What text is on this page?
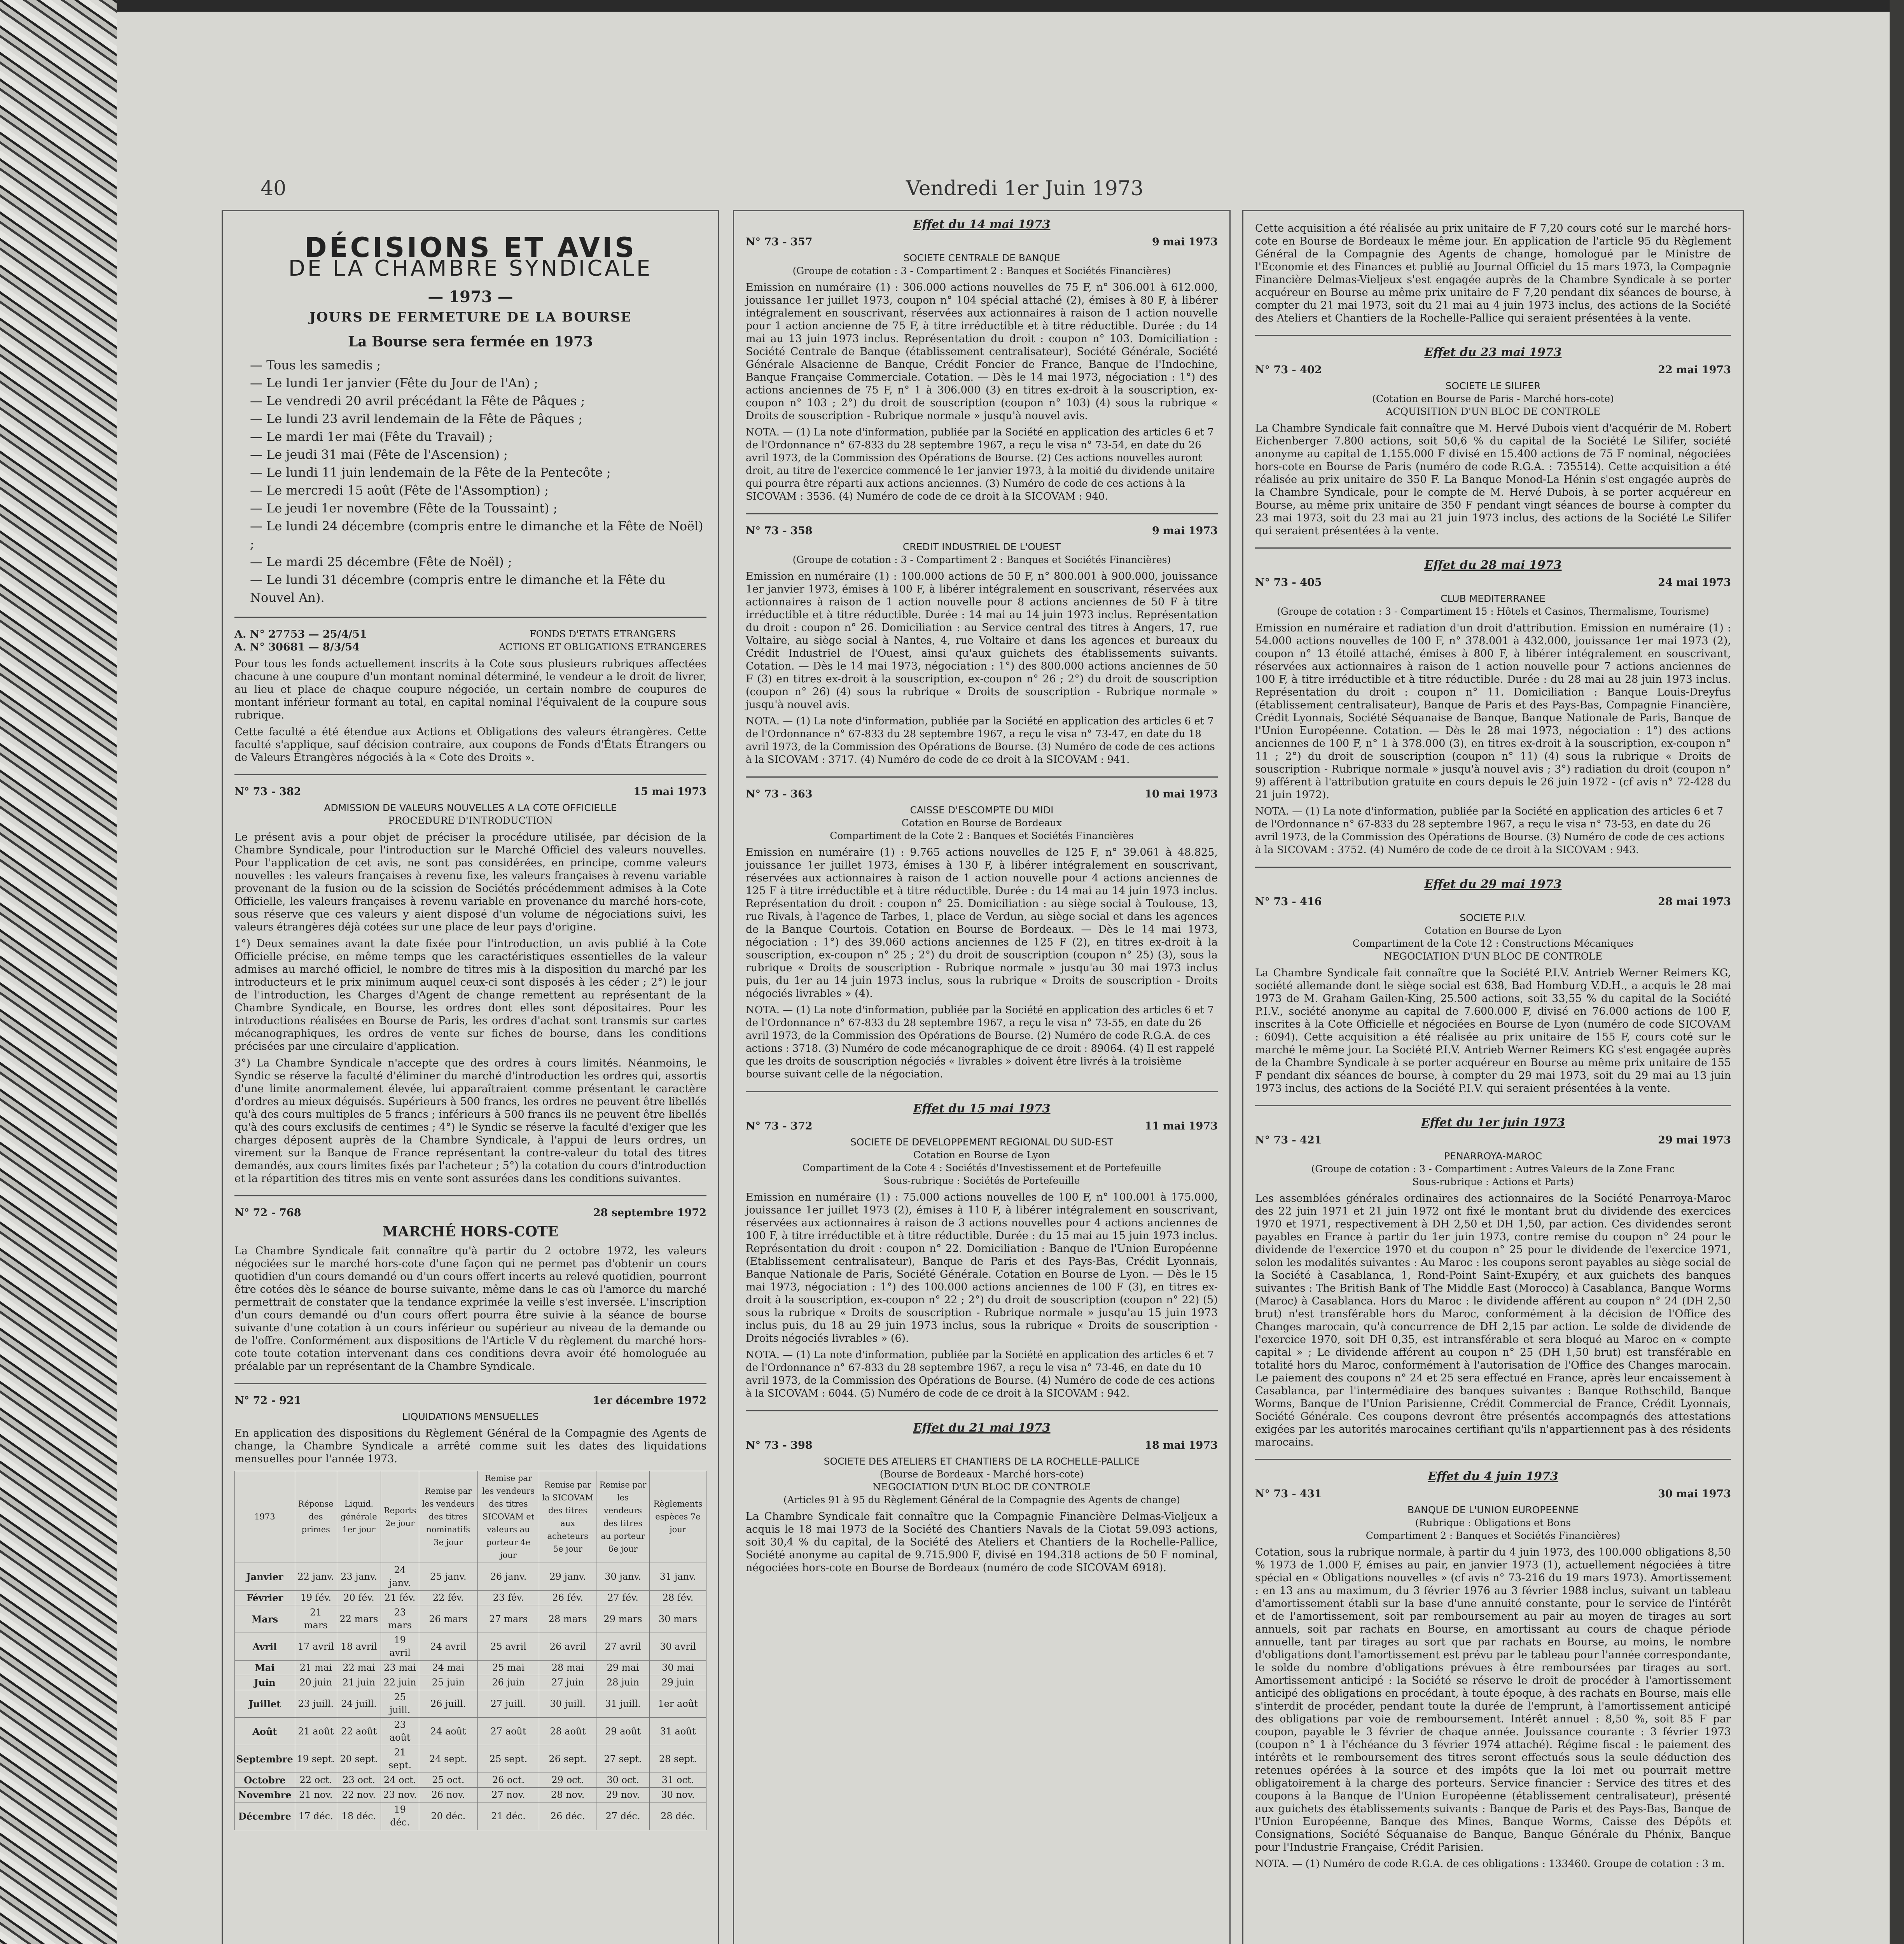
40	Vendredi 1er Juin 1973
DÉCISIONS ET AVIS
DE LA CHAMBRE SYNDICALE
— 1973 —
JOURS DE FERMETURE DE LA BOURSE
La Bourse sera fermée en 1973
— Tous les samedis ;
— Le lundi 1er janvier (Fête du Jour de l'An) ;
— Le vendredi 20 avril précédant la Fête de Pâques ;
— Le lundi 23 avril lendemain de la Fête de Pâques ;
— Le mardi 1er mai (Fête du Travail) ;
— Le jeudi 31 mai (Fête de l'Ascension) ;
— Le lundi 11 juin lendemain de la Fête de la Pentecôte ;
— Le mercredi 15 août (Fête de l'Assomption) ;
— Le jeudi 1er novembre (Fête de la Toussaint) ;
— Le lundi 24 décembre (compris entre le dimanche et la Fête de Noël) ;
— Le mardi 25 décembre (Fête de Noël) ;
— Le lundi 31 décembre (compris entre le dimanche et la Fête du Nouvel An).
A. N° 27753 — 25/4/51
A. N° 30681 — 8/3/54
FONDS D'ETATS ETRANGERS
ACTIONS ET OBLIGATIONS ETRANGERES
Pour tous les fonds actuellement inscrits à la Cote sous plusieurs rubriques affectées chacune à une coupure d'un montant nominal déterminé, le vendeur a le droit de livrer, au lieu et place de chaque coupure négociée, un certain nombre de coupures de montant inférieur formant au total, en capital nominal l'équivalent de la coupure sous rubrique.
Cette faculté a été étendue aux Actions et Obligations des valeurs étrangères. Cette faculté s'applique, sauf décision contraire, aux coupons de Fonds d'États Étrangers ou de Valeurs Étrangères négociés à la « Cote des Droits ».
N° 73 - 382	15 mai 1973
ADMISSION DE VALEURS NOUVELLES A LA COTE OFFICIELLE
PROCEDURE D'INTRODUCTION
Le présent avis a pour objet de préciser la procédure utilisée, par décision de la Chambre Syndicale, pour l'introduction sur le Marché Officiel des valeurs nouvelles. Pour l'application de cet avis, ne sont pas considérées, en principe, comme valeurs nouvelles : les valeurs françaises à revenu fixe, les valeurs françaises à revenu variable provenant de la fusion ou de la scission de Sociétés précédemment admises à la Cote Officielle, les valeurs françaises à revenu variable en provenance du marché hors-cote, sous réserve que ces valeurs y aient disposé d'un volume de négociations suivi, les valeurs étrangères déjà cotées sur une place de leur pays d'origine.
1°) Deux semaines avant la date fixée pour l'introduction, un avis publié à la Cote Officielle précise, en même temps que les caractéristiques essentielles de la valeur admises au marché officiel, le nombre de titres mis à la disposition du marché par les introducteurs et le prix minimum auquel ceux-ci sont disposés à les céder ; 2°) le jour de l'introduction, les Charges d'Agent de change remettent au représentant de la Chambre Syndicale, en Bourse, les ordres dont elles sont dépositaires. Pour les introductions réalisées en Bourse de Paris, les ordres d'achat sont transmis sur cartes mécanographiques, les ordres de vente sur fiches de bourse, dans les conditions précisées par une circulaire d'application.
3°) La Chambre Syndicale n'accepte que des ordres à cours limités. Néanmoins, le Syndic se réserve la faculté d'éliminer du marché d'introduction les ordres qui, assortis d'une limite anormalement élevée, lui apparaîtraient comme présentant le caractère d'ordres au mieux déguisés. Supérieurs à 500 francs, les ordres ne peuvent être libellés qu'à des cours multiples de 5 francs ; inférieurs à 500 francs ils ne peuvent être libellés qu'à des cours exclusifs de centimes ; 4°) le Syndic se réserve la faculté d'exiger que les charges déposent auprès de la Chambre Syndicale, à l'appui de leurs ordres, un virement sur la Banque de France représentant la contre-valeur du total des titres demandés, aux cours limites fixés par l'acheteur ; 5°) la cotation du cours d'introduction et la répartition des titres mis en vente sont assurées dans les conditions suivantes.
N° 72 - 768	28 septembre 1972
MARCHÉ HORS-COTE
La Chambre Syndicale fait connaître qu'à partir du 2 octobre 1972, les valeurs négociées sur le marché hors-cote d'une façon qui ne permet pas d'obtenir un cours quotidien d'un cours demandé ou d'un cours offert incerts au relevé quotidien, pourront être cotées dès le séance de bourse suivante, même dans le cas où l'amorce du marché permettrait de constater que la tendance exprimée la veille s'est inversée. L'inscription d'un cours demandé ou d'un cours offert pourra être suivie à la séance de bourse suivante d'une cotation à un cours inférieur ou supérieur au niveau de la demande ou de l'offre. Conformément aux dispositions de l'Article V du règlement du marché hors-cote toute cotation intervenant dans ces conditions devra avoir été homologuée au préalable par un représentant de la Chambre Syndicale.
N° 72 - 921	1er décembre 1972
LIQUIDATIONS MENSUELLES
En application des dispositions du Règlement Général de la Compagnie des Agents de change, la Chambre Syndicale a arrêté comme suit les dates des liquidations mensuelles pour l'année 1973.
1973	Réponse des primes	Liquid. générale 1er jour	Reports 2e jour	Remise par les vendeurs des titres nominatifs 3e jour	Remise par les vendeurs des titres SICOVAM et valeurs au porteur 4e jour	Remise par la SICOVAM des titres aux acheteurs 5e jour	Remise par les vendeurs des titres au porteur 6e jour	Règlements espèces 7e jour
Janvier	22 janv.	23 janv.	24 janv.	25 janv.	26 janv.	29 janv.	30 janv.	31 janv.
Février	19 fév.	20 fév.	21 fév.	22 fév.	23 fév.	26 fév.	27 fév.	28 fév.
Mars	21 mars	22 mars	23 mars	26 mars	27 mars	28 mars	29 mars	30 mars
Avril	17 avril	18 avril	19 avril	24 avril	25 avril	26 avril	27 avril	30 avril
Mai	21 mai	22 mai	23 mai	24 mai	25 mai	28 mai	29 mai	30 mai
Juin	20 juin	21 juin	22 juin	25 juin	26 juin	27 juin	28 juin	29 juin
Juillet	23 juill.	24 juill.	25 juill.	26 juill.	27 juill.	30 juill.	31 juill.	1er août
Août	21 août	22 août	23 août	24 août	27 août	28 août	29 août	31 août
Septembre	19 sept.	20 sept.	21 sept.	24 sept.	25 sept.	26 sept.	27 sept.	28 sept.
Octobre	22 oct.	23 oct.	24 oct.	25 oct.	26 oct.	29 oct.	30 oct.	31 oct.
Novembre	21 nov.	22 nov.	23 nov.	26 nov.	27 nov.	28 nov.	29 nov.	30 nov.
Décembre	17 déc.	18 déc.	19 déc.	20 déc.	21 déc.	26 déc.	27 déc.	28 déc.
Effet du 14 mai 1973
N° 73 - 357	9 mai 1973
SOCIETE CENTRALE DE BANQUE
(Groupe de cotation : 3 - Compartiment 2 : Banques et Sociétés Financières)
Emission en numéraire (1) : 306.000 actions nouvelles de 75 F, n° 306.001 à 612.000, jouissance 1er juillet 1973, coupon n° 104 spécial attaché (2), émises à 80 F, à libérer intégralement en souscrivant, réservées aux actionnaires à raison de 1 action nouvelle pour 1 action ancienne de 75 F, à titre irréductible et à titre réductible. Durée : du 14 mai au 13 juin 1973 inclus. Représentation du droit : coupon n° 103. Domiciliation : Société Centrale de Banque (établissement centralisateur), Société Générale, Société Générale Alsacienne de Banque, Crédit Foncier de France, Banque de l'Indochine, Banque Française Commerciale. Cotation. — Dès le 14 mai 1973, négociation : 1°) des actions anciennes de 75 F, n° 1 à 306.000 (3) en titres ex-droit à la souscription, ex-coupon n° 103 ; 2°) du droit de souscription (coupon n° 103) (4) sous la rubrique « Droits de souscription - Rubrique normale » jusqu'à nouvel avis.
NOTA. — (1) La note d'information, publiée par la Société en application des articles 6 et 7 de l'Ordonnance n° 67-833 du 28 septembre 1967, a reçu le visa n° 73-54, en date du 26 avril 1973, de la Commission des Opérations de Bourse. (2) Ces actions nouvelles auront droit, au titre de l'exercice commencé le 1er janvier 1973, à la moitié du dividende unitaire qui pourra être réparti aux actions anciennes. (3) Numéro de code de ces actions à la SICOVAM : 3536. (4) Numéro de code de ce droit à la SICOVAM : 940.
N° 73 - 358	9 mai 1973
CREDIT INDUSTRIEL DE L'OUEST
(Groupe de cotation : 3 - Compartiment 2 : Banques et Sociétés Financières)
Emission en numéraire (1) : 100.000 actions de 50 F, n° 800.001 à 900.000, jouissance 1er janvier 1973, émises à 100 F, à libérer intégralement en souscrivant, réservées aux actionnaires à raison de 1 action nouvelle pour 8 actions anciennes de 50 F à titre irréductible et à titre réductible. Durée : 14 mai au 14 juin 1973 inclus. Représentation du droit : coupon n° 26. Domiciliation : au Service central des titres à Angers, 17, rue Voltaire, au siège social à Nantes, 4, rue Voltaire et dans les agences et bureaux du Crédit Industriel de l'Ouest, ainsi qu'aux guichets des établissements suivants. Cotation. — Dès le 14 mai 1973, négociation : 1°) des 800.000 actions anciennes de 50 F (3) en titres ex-droit à la souscription, ex-coupon n° 26 ; 2°) du droit de souscription (coupon n° 26) (4) sous la rubrique « Droits de souscription - Rubrique normale » jusqu'à nouvel avis.
NOTA. — (1) La note d'information, publiée par la Société en application des articles 6 et 7 de l'Ordonnance n° 67-833 du 28 septembre 1967, a reçu le visa n° 73-47, en date du 18 avril 1973, de la Commission des Opérations de Bourse. (3) Numéro de code de ces actions à la SICOVAM : 3717. (4) Numéro de code de ce droit à la SICOVAM : 941.
N° 73 - 363	10 mai 1973
CAISSE D'ESCOMPTE DU MIDI
Cotation en Bourse de Bordeaux
Compartiment de la Cote 2 : Banques et Sociétés Financières
Emission en numéraire (1) : 9.765 actions nouvelles de 125 F, n° 39.061 à 48.825, jouissance 1er juillet 1973, émises à 130 F, à libérer intégralement en souscrivant, réservées aux actionnaires à raison de 1 action nouvelle pour 4 actions anciennes de 125 F à titre irréductible et à titre réductible. Durée : du 14 mai au 14 juin 1973 inclus. Représentation du droit : coupon n° 25. Domiciliation : au siège social à Toulouse, 13, rue Rivals, à l'agence de Tarbes, 1, place de Verdun, au siège social et dans les agences de la Banque Courtois. Cotation en Bourse de Bordeaux. — Dès le 14 mai 1973, négociation : 1°) des 39.060 actions anciennes de 125 F (2), en titres ex-droit à la souscription, ex-coupon n° 25 ; 2°) du droit de souscription (coupon n° 25) (3), sous la rubrique « Droits de souscription - Rubrique normale » jusqu'au 30 mai 1973 inclus puis, du 1er au 14 juin 1973 inclus, sous la rubrique « Droits de souscription - Droits négociés livrables » (4).
NOTA. — (1) La note d'information, publiée par la Société en application des articles 6 et 7 de l'Ordonnance n° 67-833 du 28 septembre 1967, a reçu le visa n° 73-55, en date du 26 avril 1973, de la Commission des Opérations de Bourse. (2) Numéro de code R.G.A. de ces actions : 3718. (3) Numéro de code mécanographique de ce droit : 89064. (4) Il est rappelé que les droits de souscription négociés « livrables » doivent être livrés à la troisième bourse suivant celle de la négociation.
Effet du 15 mai 1973
N° 73 - 372	11 mai 1973
SOCIETE DE DEVELOPPEMENT REGIONAL DU SUD-EST
Cotation en Bourse de Lyon
Compartiment de la Cote 4 : Sociétés d'Investissement et de Portefeuille
Sous-rubrique : Sociétés de Portefeuille
Emission en numéraire (1) : 75.000 actions nouvelles de 100 F, n° 100.001 à 175.000, jouissance 1er juillet 1973 (2), émises à 110 F, à libérer intégralement en souscrivant, réservées aux actionnaires à raison de 3 actions nouvelles pour 4 actions anciennes de 100 F, à titre irréductible et à titre réductible. Durée : du 15 mai au 15 juin 1973 inclus. Représentation du droit : coupon n° 22. Domiciliation : Banque de l'Union Européenne (Etablissement centralisateur), Banque de Paris et des Pays-Bas, Crédit Lyonnais, Banque Nationale de Paris, Société Générale. Cotation en Bourse de Lyon. — Dès le 15 mai 1973, négociation : 1°) des 100.000 actions anciennes de 100 F (3), en titres ex-droit à la souscription, ex-coupon n° 22 ; 2°) du droit de souscription (coupon n° 22) (5) sous la rubrique « Droits de souscription - Rubrique normale » jusqu'au 15 juin 1973 inclus puis, du 18 au 29 juin 1973 inclus, sous la rubrique « Droits de souscription - Droits négociés livrables » (6).
NOTA. — (1) La note d'information, publiée par la Société en application des articles 6 et 7 de l'Ordonnance n° 67-833 du 28 septembre 1967, a reçu le visa n° 73-46, en date du 10 avril 1973, de la Commission des Opérations de Bourse. (4) Numéro de code de ces actions à la SICOVAM : 6044. (5) Numéro de code de ce droit à la SICOVAM : 942.
Effet du 21 mai 1973
N° 73 - 398	18 mai 1973
SOCIETE DES ATELIERS ET CHANTIERS DE LA ROCHELLE-PALLICE
(Bourse de Bordeaux - Marché hors-cote)
NEGOCIATION D'UN BLOC DE CONTROLE
(Articles 91 à 95 du Règlement Général de la Compagnie des Agents de change)
La Chambre Syndicale fait connaître que la Compagnie Financière Delmas-Vieljeux a acquis le 18 mai 1973 de la Société des Chantiers Navals de la Ciotat 59.093 actions, soit 30,4 % du capital, de la Société des Ateliers et Chantiers de la Rochelle-Pallice, Société anonyme au capital de 9.715.900 F, divisé en 194.318 actions de 50 F nominal, négociées hors-cote en Bourse de Bordeaux (numéro de code SICOVAM 6918).
Cette acquisition a été réalisée au prix unitaire de F 7,20 cours coté sur le marché hors-cote en Bourse de Bordeaux le même jour. En application de l'article 95 du Règlement Général de la Compagnie des Agents de change, homologué par le Ministre de l'Economie et des Finances et publié au Journal Officiel du 15 mars 1973, la Compagnie Financière Delmas-Vieljeux s'est engagée auprès de la Chambre Syndicale à se porter acquéreur en Bourse au même prix unitaire de F 7,20 pendant dix séances de bourse, à compter du 21 mai 1973, soit du 21 mai au 4 juin 1973 inclus, des actions de la Société des Ateliers et Chantiers de la Rochelle-Pallice qui seraient présentées à la vente.
Effet du 23 mai 1973
N° 73 - 402	22 mai 1973
SOCIETE LE SILIFER
(Cotation en Bourse de Paris - Marché hors-cote)
ACQUISITION D'UN BLOC DE CONTROLE
La Chambre Syndicale fait connaître que M. Hervé Dubois vient d'acquérir de M. Robert Eichenberger 7.800 actions, soit 50,6 % du capital de la Société Le Silifer, société anonyme au capital de 1.155.000 F divisé en 15.400 actions de 75 F nominal, négociées hors-cote en Bourse de Paris (numéro de code R.G.A. : 735514). Cette acquisition a été réalisée au prix unitaire de 350 F. La Banque Monod-La Hénin s'est engagée auprès de la Chambre Syndicale, pour le compte de M. Hervé Dubois, à se porter acquéreur en Bourse, au même prix unitaire de 350 F pendant vingt séances de bourse à compter du 23 mai 1973, soit du 23 mai au 21 juin 1973 inclus, des actions de la Société Le Silifer qui seraient présentées à la vente.
Effet du 28 mai 1973
N° 73 - 405	24 mai 1973
CLUB MEDITERRANEE
(Groupe de cotation : 3 - Compartiment 15 : Hôtels et Casinos, Thermalisme, Tourisme)
Emission en numéraire et radiation d'un droit d'attribution. Emission en numéraire (1) : 54.000 actions nouvelles de 100 F, n° 378.001 à 432.000, jouissance 1er mai 1973 (2), coupon n° 13 étoilé attaché, émises à 800 F, à libérer intégralement en souscrivant, réservées aux actionnaires à raison de 1 action nouvelle pour 7 actions anciennes de 100 F, à titre irréductible et à titre réductible. Durée : du 28 mai au 28 juin 1973 inclus. Représentation du droit : coupon n° 11. Domiciliation : Banque Louis-Dreyfus (établissement centralisateur), Banque de Paris et des Pays-Bas, Compagnie Financière, Crédit Lyonnais, Société Séquanaise de Banque, Banque Nationale de Paris, Banque de l'Union Européenne. Cotation. — Dès le 28 mai 1973, négociation : 1°) des actions anciennes de 100 F, n° 1 à 378.000 (3), en titres ex-droit à la souscription, ex-coupon n° 11 ; 2°) du droit de souscription (coupon n° 11) (4) sous la rubrique « Droits de souscription - Rubrique normale » jusqu'à nouvel avis ; 3°) radiation du droit (coupon n° 9) afférent à l'attribution gratuite en cours depuis le 26 juin 1972 - (cf avis n° 72-428 du 21 juin 1972).
NOTA. — (1) La note d'information, publiée par la Société en application des articles 6 et 7 de l'Ordonnance n° 67-833 du 28 septembre 1967, a reçu le visa n° 73-53, en date du 26 avril 1973, de la Commission des Opérations de Bourse. (3) Numéro de code de ces actions à la SICOVAM : 3752. (4) Numéro de code de ce droit à la SICOVAM : 943.
Effet du 29 mai 1973
N° 73 - 416	28 mai 1973
SOCIETE P.I.V.
Cotation en Bourse de Lyon
Compartiment de la Cote 12 : Constructions Mécaniques
NEGOCIATION D'UN BLOC DE CONTROLE
La Chambre Syndicale fait connaître que la Société P.I.V. Antrieb Werner Reimers KG, société allemande dont le siège social est 638, Bad Homburg V.D.H., a acquis le 28 mai 1973 de M. Graham Gailen-King, 25.500 actions, soit 33,55 % du capital de la Société P.I.V., société anonyme au capital de 7.600.000 F, divisé en 76.000 actions de 100 F, inscrites à la Cote Officielle et négociées en Bourse de Lyon (numéro de code SICOVAM : 6094). Cette acquisition a été réalisée au prix unitaire de 155 F, cours coté sur le marché le même jour. La Société P.I.V. Antrieb Werner Reimers KG s'est engagée auprès de la Chambre Syndicale à se porter acquéreur en Bourse au même prix unitaire de 155 F pendant dix séances de bourse, à compter du 29 mai 1973, soit du 29 mai au 13 juin 1973 inclus, des actions de la Société P.I.V. qui seraient présentées à la vente.
Effet du 1er juin 1973
N° 73 - 421	29 mai 1973
PENARROYA-MAROC
(Groupe de cotation : 3 - Compartiment : Autres Valeurs de la Zone Franc
Sous-rubrique : Actions et Parts)
Les assemblées générales ordinaires des actionnaires de la Société Penarroya-Maroc des 22 juin 1971 et 21 juin 1972 ont fixé le montant brut du dividende des exercices 1970 et 1971, respectivement à DH 2,50 et DH 1,50, par action. Ces dividendes seront payables en France à partir du 1er juin 1973, contre remise du coupon n° 24 pour le dividende de l'exercice 1970 et du coupon n° 25 pour le dividende de l'exercice 1971, selon les modalités suivantes : Au Maroc : les coupons seront payables au siège social de la Société à Casablanca, 1, Rond-Point Saint-Exupéry, et aux guichets des banques suivantes : The British Bank of The Middle East (Morocco) à Casablanca, Banque Worms (Maroc) à Casablanca. Hors du Maroc : le dividende afférent au coupon n° 24 (DH 2,50 brut) n'est transférable hors du Maroc, conformément à la décision de l'Office des Changes marocain, qu'à concurrence de DH 2,15 par action. Le solde de dividende de l'exercice 1970, soit DH 0,35, est intransférable et sera bloqué au Maroc en « compte capital » ; Le dividende afférent au coupon n° 25 (DH 1,50 brut) est transférable en totalité hors du Maroc, conformément à l'autorisation de l'Office des Changes marocain. Le paiement des coupons n° 24 et 25 sera effectué en France, après leur encaissement à Casablanca, par l'intermédiaire des banques suivantes : Banque Rothschild, Banque Worms, Banque de l'Union Parisienne, Crédit Commercial de France, Crédit Lyonnais, Société Générale. Ces coupons devront être présentés accompagnés des attestations exigées par les autorités marocaines certifiant qu'ils n'appartiennent pas à des résidents marocains.
Effet du 4 juin 1973
N° 73 - 431	30 mai 1973
BANQUE DE L'UNION EUROPEENNE
(Rubrique : Obligations et Bons
Compartiment 2 : Banques et Sociétés Financières)
Cotation, sous la rubrique normale, à partir du 4 juin 1973, des 100.000 obligations 8,50 % 1973 de 1.000 F, émises au pair, en janvier 1973 (1), actuellement négociées à titre spécial en « Obligations nouvelles » (cf avis n° 73-216 du 19 mars 1973). Amortissement : en 13 ans au maximum, du 3 février 1976 au 3 février 1988 inclus, suivant un tableau d'amortissement établi sur la base d'une annuité constante, pour le service de l'intérêt et de l'amortissement, soit par remboursement au pair au moyen de tirages au sort annuels, soit par rachats en Bourse, en amortissant au cours de chaque période annuelle, tant par tirages au sort que par rachats en Bourse, au moins, le nombre d'obligations dont l'amortissement est prévu par le tableau pour l'année correspondante, le solde du nombre d'obligations prévues à être remboursées par tirages au sort. Amortissement anticipé : la Société se réserve le droit de procéder à l'amortissement anticipé des obligations en procédant, à toute époque, à des rachats en Bourse, mais elle s'interdit de procéder, pendant toute la durée de l'emprunt, à l'amortissement anticipé des obligations par voie de remboursement. Intérêt annuel : 8,50 %, soit 85 F par coupon, payable le 3 février de chaque année. Jouissance courante : 3 février 1973 (coupon n° 1 à l'échéance du 3 février 1974 attaché). Régime fiscal : le paiement des intérêts et le remboursement des titres seront effectués sous la seule déduction des retenues opérées à la source et des impôts que la loi met ou pourrait mettre obligatoirement à la charge des porteurs. Service financier : Service des titres et des coupons à la Banque de l'Union Européenne (établissement centralisateur), présenté aux guichets des établissements suivants : Banque de Paris et des Pays-Bas, Banque de l'Union Européenne, Banque des Mines, Banque Worms, Caisse des Dépôts et Consignations, Société Séquanaise de Banque, Banque Générale du Phénix, Banque pour l'Industrie Française, Crédit Parisien.
NOTA. — (1) Numéro de code R.G.A. de ces obligations : 133460. Groupe de cotation : 3 m.
